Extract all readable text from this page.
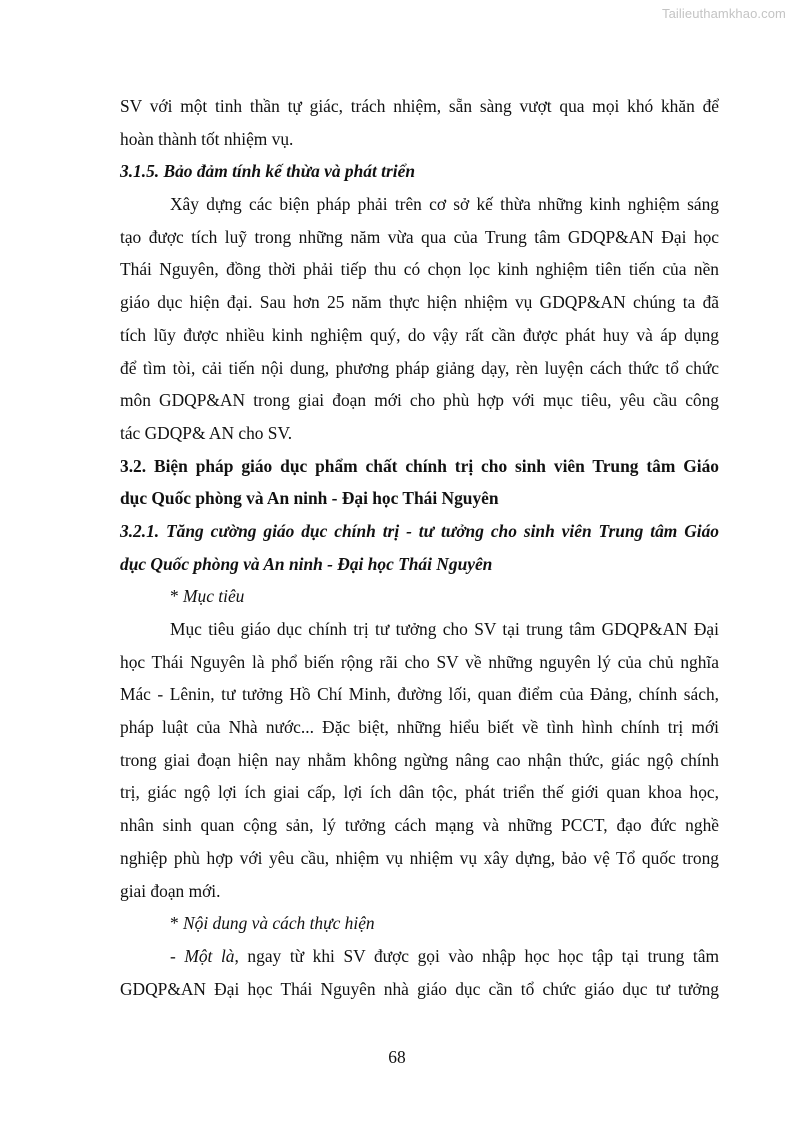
Tailieuthamkhao.com
SV với một tinh thần tự giác, trách nhiệm, sẵn sàng vượt qua mọi khó khăn để
hoàn thành tốt nhiệm vụ.
3.1.5. Bảo đảm tính kế thừa và phát triển
Xây dựng các biện pháp phải trên cơ sở kế thừa những kinh nghiệm sáng
tạo được tích luỹ trong những năm vừa qua của Trung tâm GDQP&AN Đại học
Thái Nguyên, đồng thời phải tiếp thu có chọn lọc kinh nghiệm tiên tiến của nền
giáo dục hiện đại. Sau hơn 25 năm thực hiện nhiệm vụ GDQP&AN chúng ta đã
tích lũy được nhiều kinh nghiệm quý, do vậy rất cần được phát huy và áp dụng
để tìm tòi, cải tiến nội dung, phương pháp giảng dạy, rèn luyện cách thức tổ chức
môn GDQP&AN trong giai đoạn mới cho phù hợp với mục tiêu, yêu cầu công
tác GDQP& AN cho SV.
3.2. Biện pháp giáo dục phẩm chất chính trị cho sinh viên Trung tâm Giáo
dục Quốc phòng và An ninh - Đại học Thái Nguyên
3.2.1. Tăng cường giáo dục chính trị - tư tưởng cho sinh viên Trung tâm Giáo
dục Quốc phòng và An ninh - Đại học Thái Nguyên
* Mục tiêu
Mục tiêu giáo dục chính trị tư tưởng cho SV tại trung tâm GDQP&AN Đại
học Thái Nguyên là phổ biến rộng rãi cho SV về những nguyên lý của chủ nghĩa
Mác - Lênin, tư tưởng Hồ Chí Minh, đường lối, quan điểm của Đảng, chính sách,
pháp luật của Nhà nước... Đặc biệt, những hiểu biết về tình hình chính trị mới
trong giai đoạn hiện nay nhằm không ngừng nâng cao nhận thức, giác ngộ chính
trị, giác ngộ lợi ích giai cấp, lợi ích dân tộc, phát triển thế giới quan khoa học,
nhân sinh quan cộng sản, lý tưởng cách mạng và những PCCT, đạo đức nghề
nghiệp phù hợp với yêu cầu, nhiệm vụ nhiệm vụ xây dựng, bảo vệ Tổ quốc trong
giai đoạn mới.
* Nội dung và cách thực hiện
- Một là, ngay từ khi SV được gọi vào nhập học học tập tại trung tâm
GDQP&AN Đại học Thái Nguyên nhà giáo dục cần tổ chức giáo dục tư tưởng
68
